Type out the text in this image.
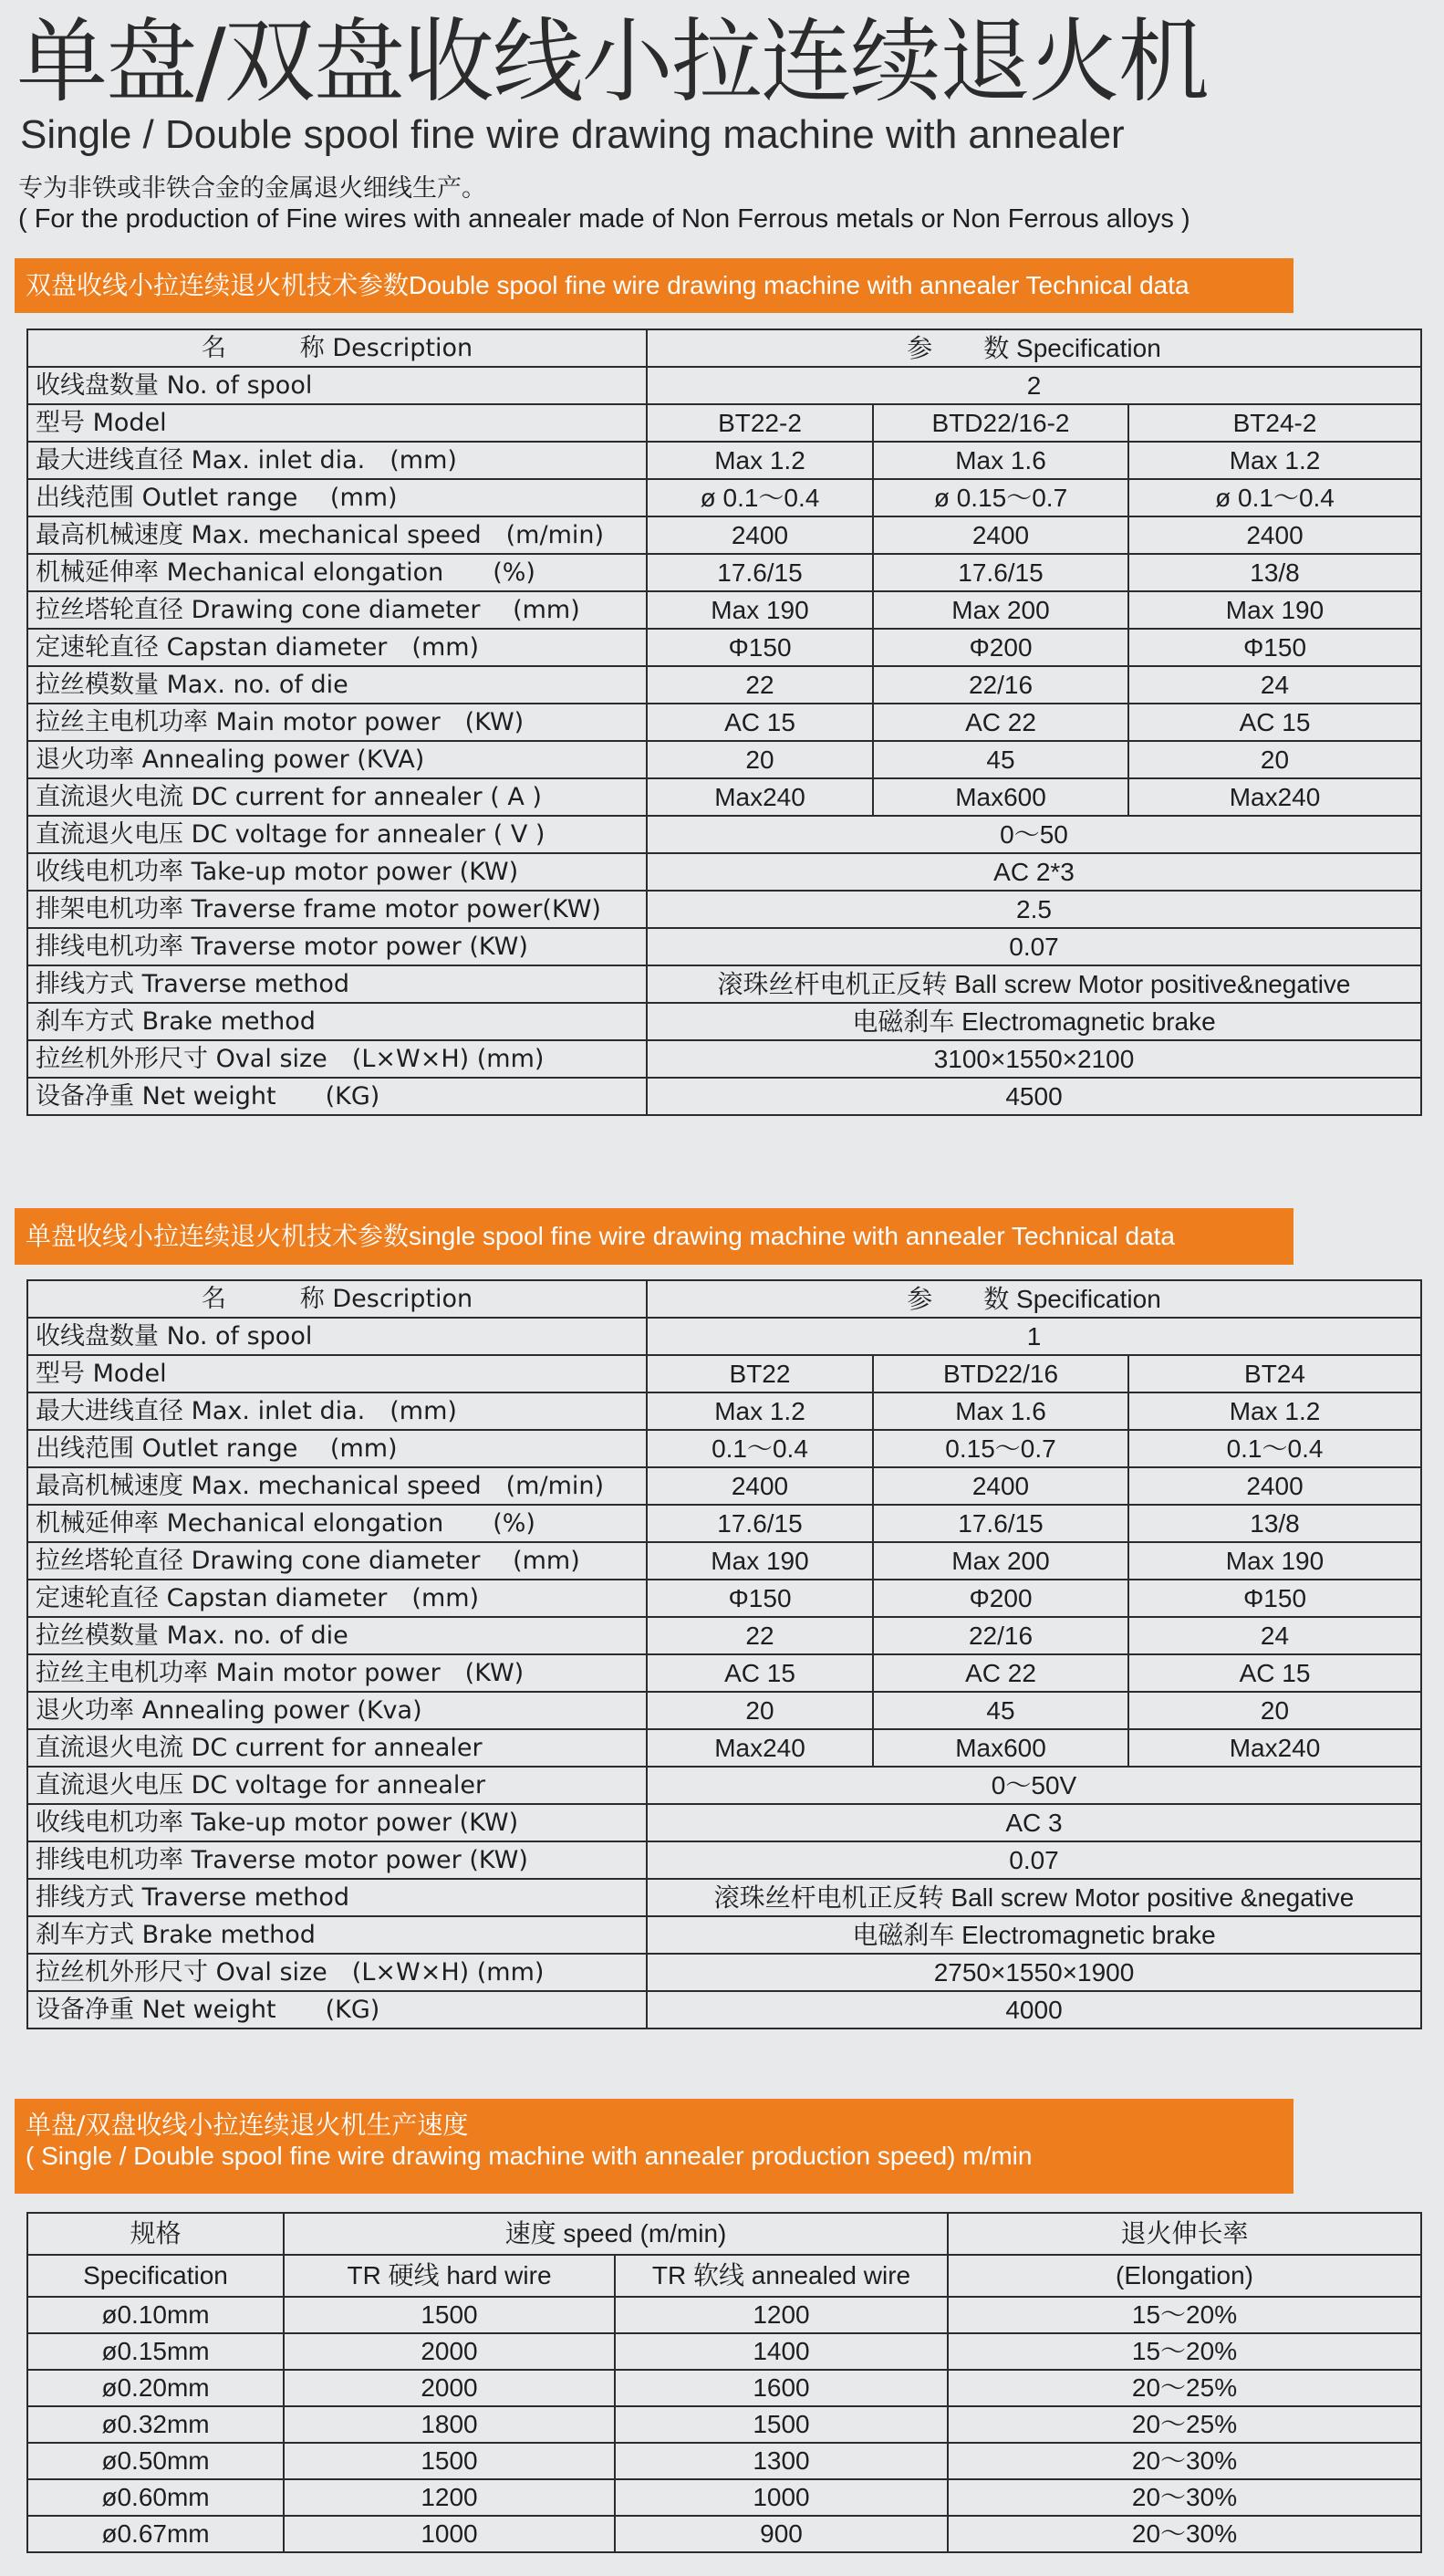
单盘/双盘收线小拉连续退火机
Single / Double spool fine wire drawing machine with annealer
专为非铁或非铁合金的金属退火细线生产。
( For the production of Fine wires with annealer made of Non Ferrous metals or Non Ferrous alloys )
双盘收线小拉连续退火机技术参数Double spool fine wire drawing machine with annealer Technical data
名　　　称 Description	参　　数 Specification		
收线盘数量 No. of spool	2		
型号 Model	BT22-2	BTD22/16-2	BT24-2
最大进线直径 Max. inlet dia.　(mm)	Max 1.2	Max 1.6	Max 1.2
出线范围 Outlet range　 (mm)	ø 0.1～0.4	ø 0.15～0.7	ø 0.1～0.4
最高机械速度 Max. mechanical speed　(m/min)	2400	2400	2400
机械延伸率 Mechanical elongation　　(%)	17.6/15	17.6/15	13/8
拉丝塔轮直径 Drawing cone diameter　 (mm)	Max 190	Max 200	Max 190
定速轮直径 Capstan diameter　(mm)	Φ150	Φ200	Φ150
拉丝模数量 Max. no. of die	22	22/16	24
拉丝主电机功率 Main motor power　(KW)	AC 15	AC 22	AC 15
退火功率 Annealing power (KVA)	20	45	20
直流退火电流 DC current for annealer ( A )	Max240	Max600	Max240
直流退火电压 DC voltage for annealer ( V )	0～50		
收线电机功率 Take-up motor power (KW)	AC 2*3		
排架电机功率 Traverse frame motor power(KW)	2.5		
排线电机功率 Traverse motor power (KW)	0.07		
排线方式 Traverse method	滚珠丝杆电机正反转 Ball screw Motor positive&negative		
刹车方式 Brake method	电磁刹车 Electromagnetic brake		
拉丝机外形尺寸 Oval size　(L×W×H) (mm)	3100×1550×2100		
设备净重 Net weight　　(KG)	4500		
单盘收线小拉连续退火机技术参数single spool fine wire drawing machine with annealer Technical data
名　　　称 Description	参　　数 Specification		
收线盘数量 No. of spool	1		
型号 Model	BT22	BTD22/16	BT24
最大进线直径 Max. inlet dia.　(mm)	Max 1.2	Max 1.6	Max 1.2
出线范围 Outlet range　 (mm)	0.1～0.4	0.15～0.7	0.1～0.4
最高机械速度 Max. mechanical speed　(m/min)	2400	2400	2400
机械延伸率 Mechanical elongation　　(%)	17.6/15	17.6/15	13/8
拉丝塔轮直径 Drawing cone diameter　 (mm)	Max 190	Max 200	Max 190
定速轮直径 Capstan diameter　(mm)	Φ150	Φ200	Φ150
拉丝模数量 Max. no. of die	22	22/16	24
拉丝主电机功率 Main motor power　(KW)	AC 15	AC 22	AC 15
退火功率 Annealing power (Kva)	20	45	20
直流退火电流 DC current for annealer	Max240	Max600	Max240
直流退火电压 DC voltage for annealer	0～50V		
收线电机功率 Take-up motor power (KW)	AC 3		
排线电机功率 Traverse motor power (KW)	0.07		
排线方式 Traverse method	滚珠丝杆电机正反转 Ball screw Motor positive &negative		
刹车方式 Brake method	电磁刹车 Electromagnetic brake		
拉丝机外形尺寸 Oval size　(L×W×H) (mm)	2750×1550×1900		
设备净重 Net weight　　(KG)	4000		
单盘/双盘收线小拉连续退火机生产速度
( Single / Double spool fine wire drawing machine with annealer production speed) m/min
规格	速度 speed (m/min)		退火伸长率
Specification	TR 硬线 hard wire	TR 软线 annealed wire	(Elongation)
ø0.10mm	1500	1200	15～20%
ø0.15mm	2000	1400	15～20%
ø0.20mm	2000	1600	20～25%
ø0.32mm	1800	1500	20～25%
ø0.50mm	1500	1300	20～30%
ø0.60mm	1200	1000	20～30%
ø0.67mm	1000	900	20～30%
